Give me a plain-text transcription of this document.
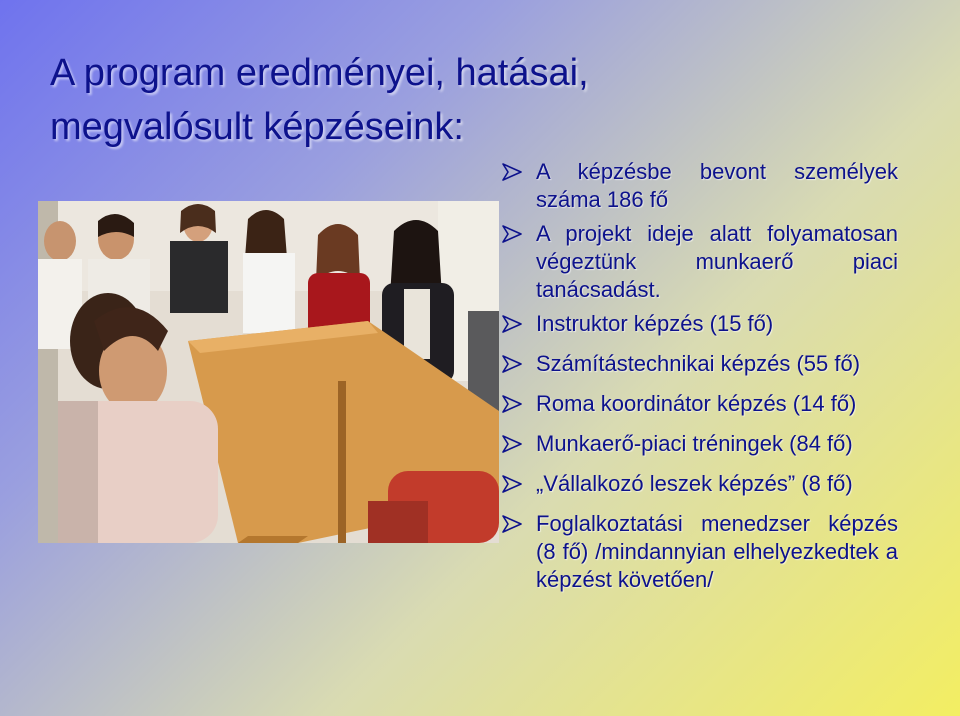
A program eredményei, hatásai,
megvalósult képzéseink:
A képzésbe bevont személyek száma 186 fő
A projekt ideje alatt folyamatosan végeztünk munkaerő piaci tanácsadást.
Instruktor képzés (15 fő)
Számítástechnikai képzés (55 fő)
Roma koordinátor képzés (14 fő)
Munkaerő-piaci tréningek (84 fő)
„Vállalkozó leszek képzés” (8 fő)
Foglalkoztatási menedzser képzés (8 fő) /mindannyian elhelyezkedtek a képzést követően/
